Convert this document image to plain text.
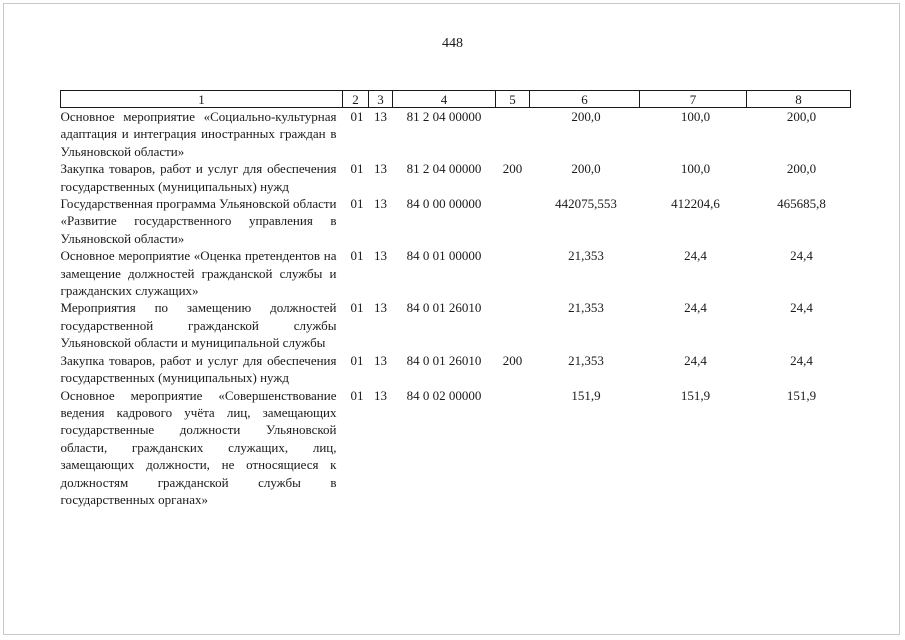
448
1	2	3	4	5	6	7	8
Основное мероприятие «Социально-культурная адаптация и интеграция иностранных граждан в Ульяновской области»	01	13	81 2 04 00000		200,0	100,0	200,0
Закупка товаров, работ и услуг для обеспечения государственных (муниципальных) нужд	01	13	81 2 04 00000	200	200,0	100,0	200,0
Государственная программа Ульяновской области «Развитие государственного управления в Ульяновской области»	01	13	84 0 00 00000		442075,553	412204,6	465685,8
Основное мероприятие «Оценка претендентов на замещение должностей гражданской службы и гражданских служащих»	01	13	84 0 01 00000		21,353	24,4	24,4
Мероприятия по замещению должностей государственной гражданской службы Ульяновской области и муниципальной службы	01	13	84 0 01 26010		21,353	24,4	24,4
Закупка товаров, работ и услуг для обеспечения государственных (муниципальных) нужд	01	13	84 0 01 26010	200	21,353	24,4	24,4
Основное мероприятие «Совершенствование ведения кадрового учёта лиц, замещающих государственные должности Ульяновской области, гражданских служащих, лиц, замещающих должности, не относящиеся к должностям гражданской службы в государственных органах»	01	13	84 0 02 00000		151,9	151,9	151,9
